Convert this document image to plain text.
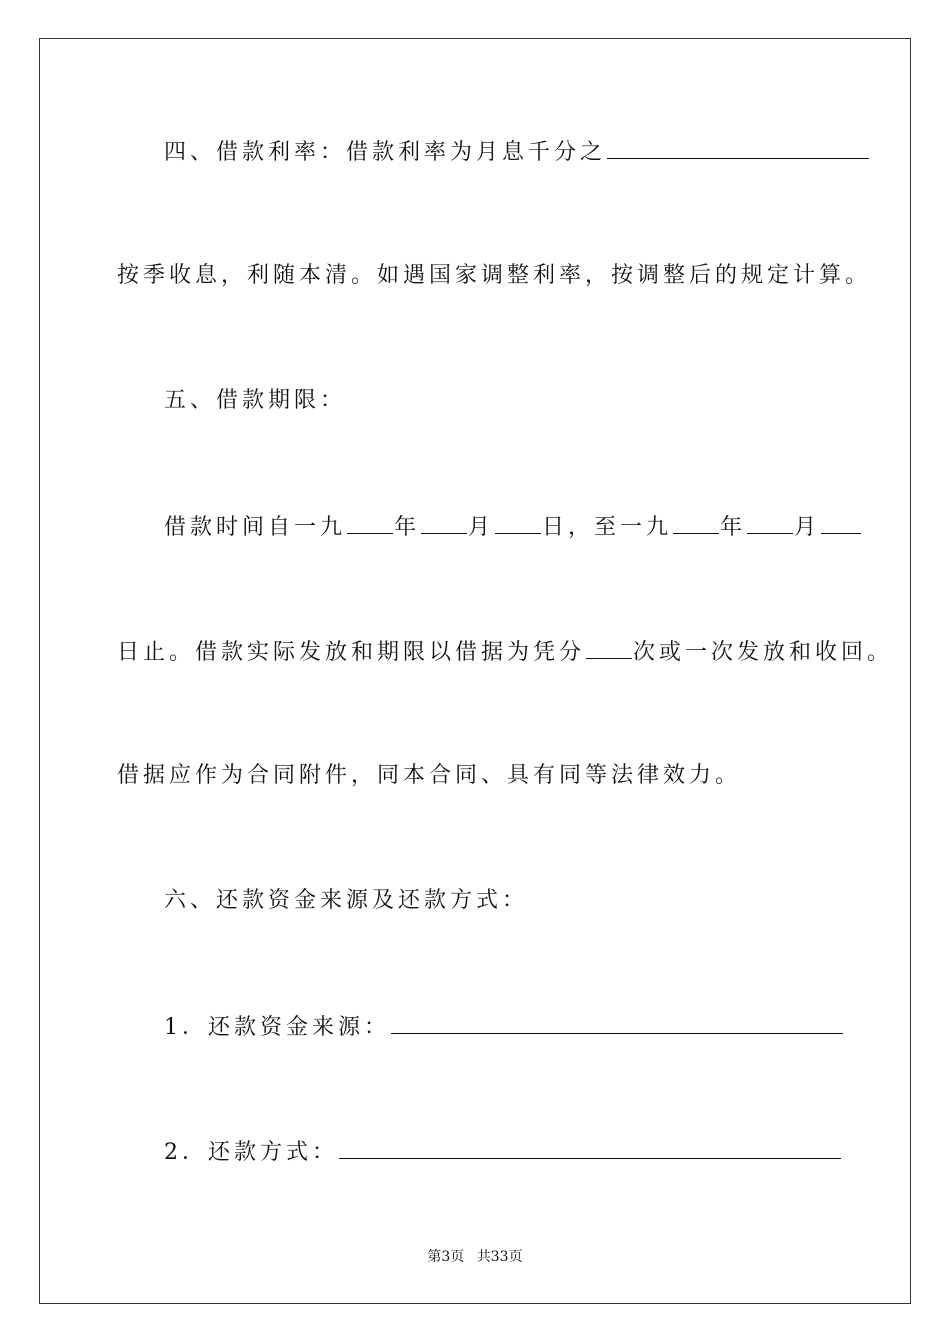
四、借款利率：借款利率为月息千分之
按季收息，利随本清。如遇国家调整利率，按调整后的规定计算。
五、借款期限：
借款时间自一九 年 月 日，至一九 年 月
日止。借款实际发放和期限以借据为凭分 次或一次发放和收回。
借据应作为合同附件，同本合同、具有同等法律效力。
六、还款资金来源及还款方式：
1．还款资金来源：
2．还款方式：
第3页 共33页
